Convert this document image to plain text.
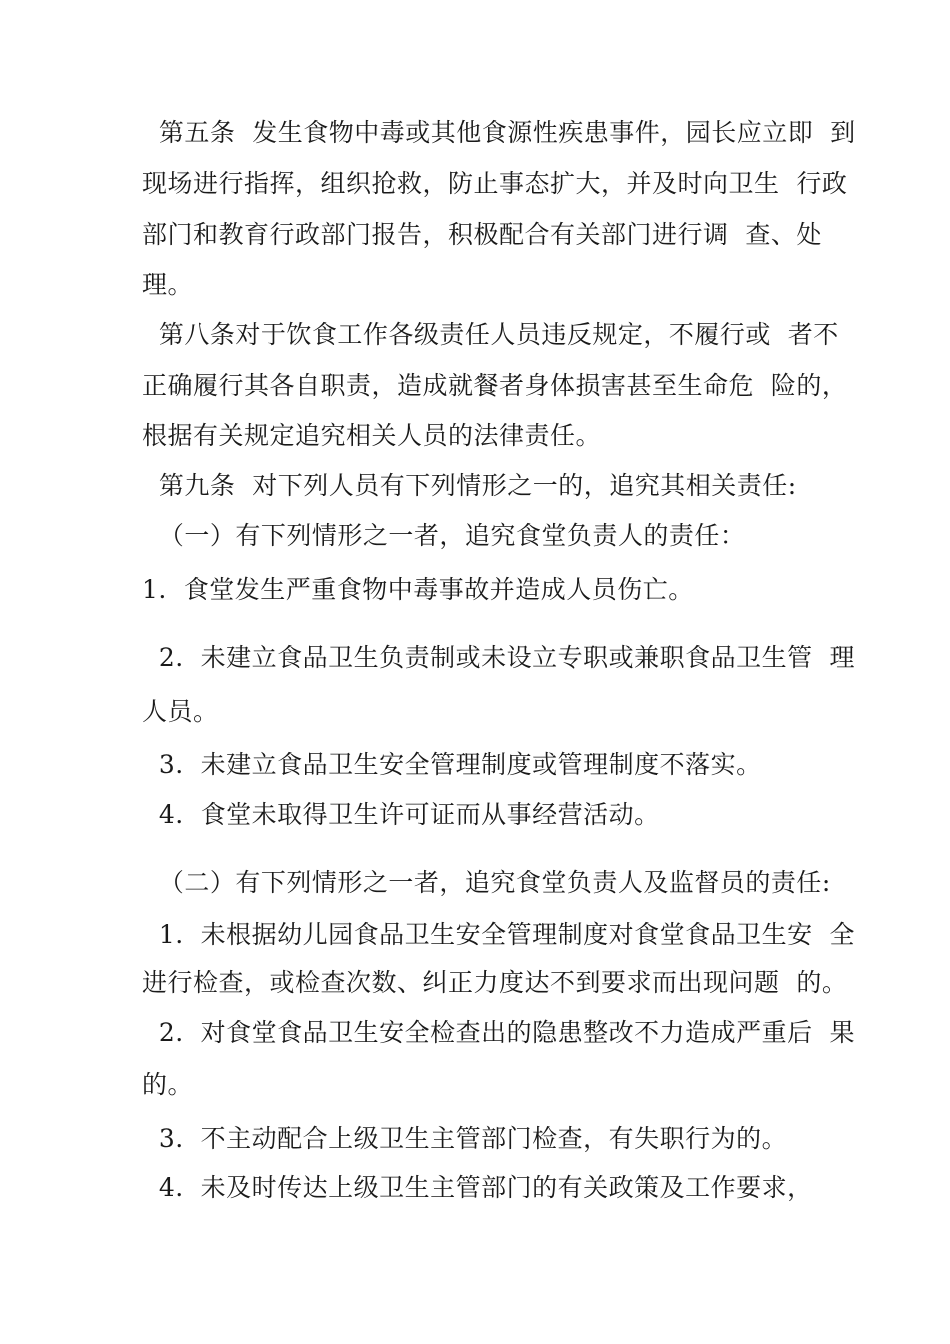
第五条  发生食物中毒或其他食源性疾患事件，园长应立即  到
现场进行指挥，组织抢救，防止事态扩大，并及时向卫生  行政
部门和教育行政部门报告，积极配合有关部门进行调  查、处
理。
第八条对于饮食工作各级责任人员违反规定，不履行或  者不
正确履行其各自职责，造成就餐者身体损害甚至生命危  险的，
根据有关规定追究相关人员的法律责任。
第九条  对下列人员有下列情形之一的，追究其相关责任:
（一）有下列情形之一者，追究食堂负责人的责任：
1.  食堂发生严重食物中毒事故并造成人员伤亡。
2.  未建立食品卫生负责制或未设立专职或兼职食品卫生管  理
人员。
3.  未建立食品卫生安全管理制度或管理制度不落实。
4.  食堂未取得卫生许可证而从事经营活动。
（二）有下列情形之一者，追究食堂负责人及监督员的责任:
1.  未根据幼儿园食品卫生安全管理制度对食堂食品卫生安  全
进行检查，或检查次数、纠正力度达不到要求而出现问题  的。
2.  对食堂食品卫生安全检查出的隐患整改不力造成严重后  果
的。
3.  不主动配合上级卫生主管部门检查，有失职行为的。
4.  未及时传达上级卫生主管部门的有关政策及工作要求，
